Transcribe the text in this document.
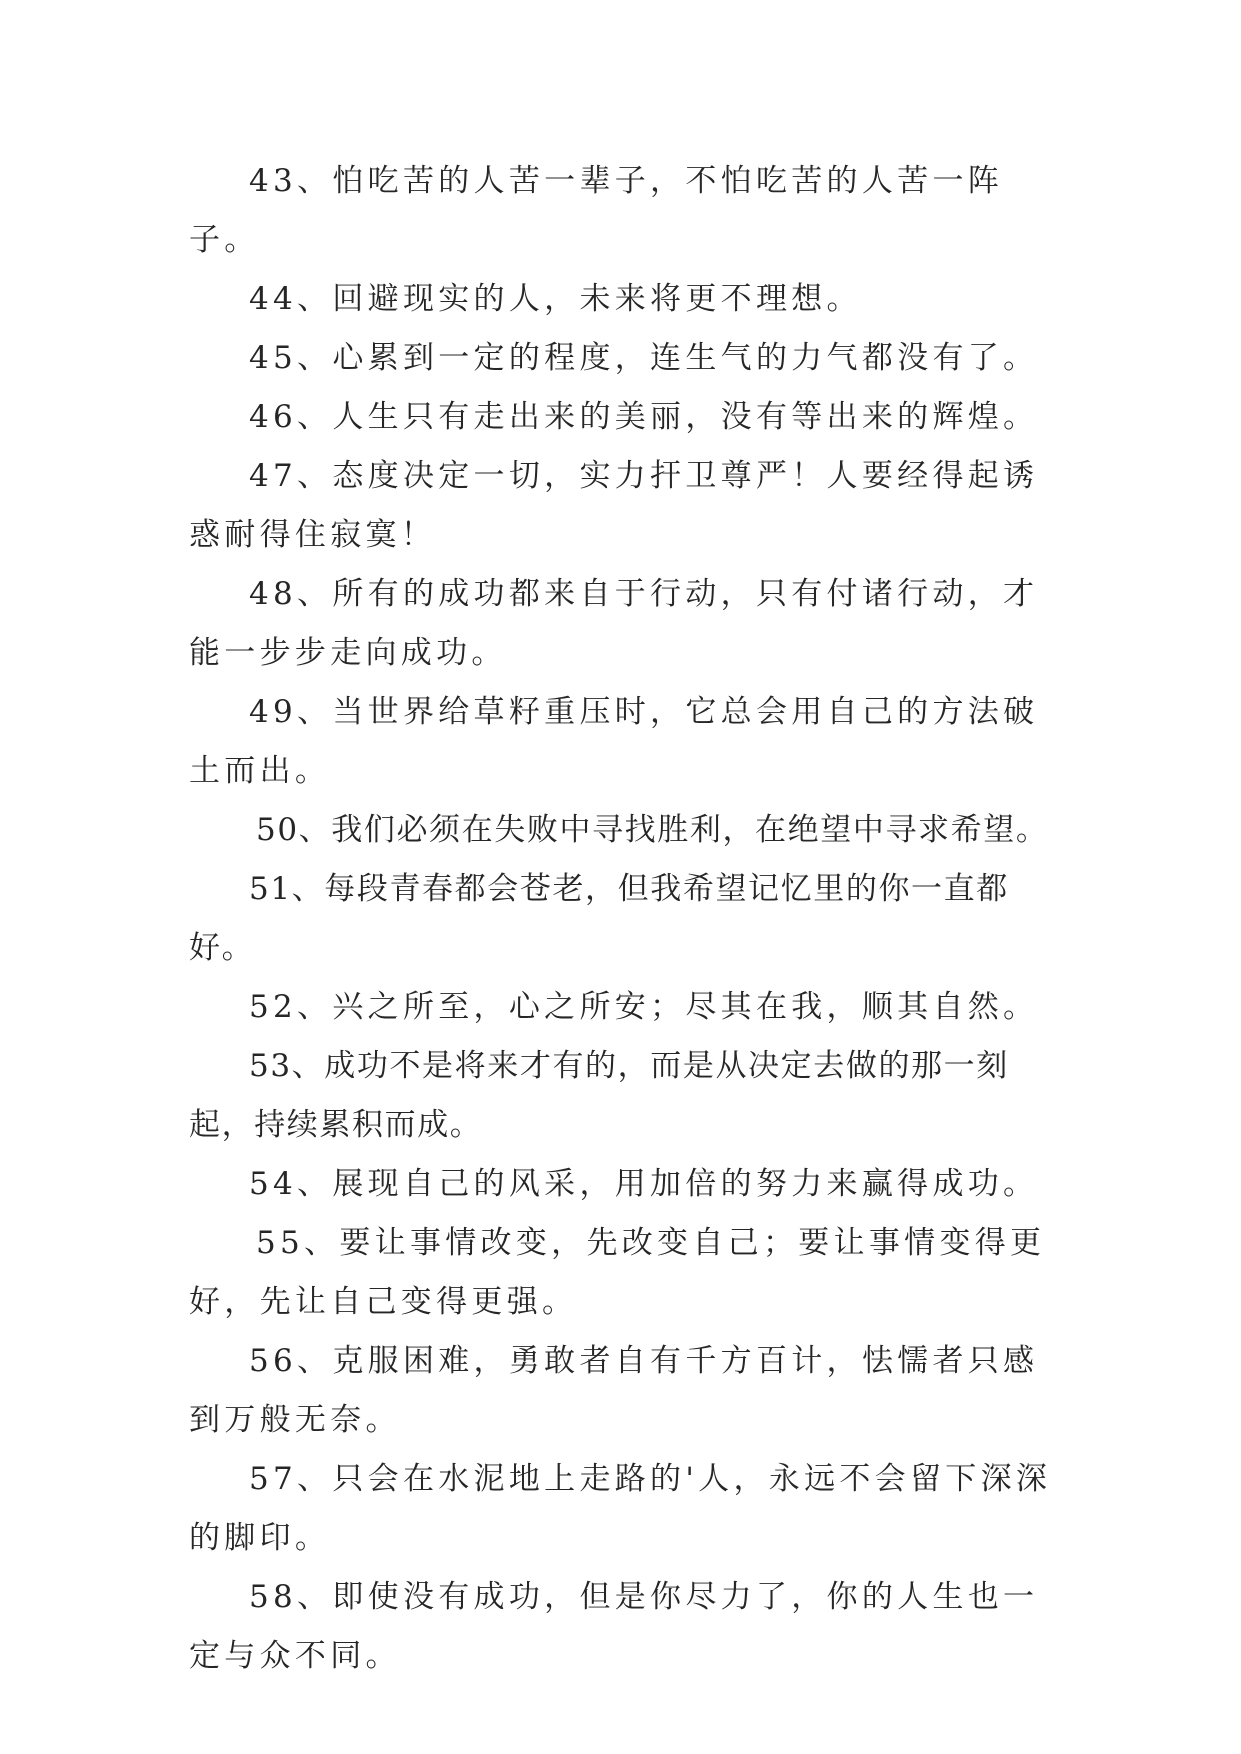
43、怕吃苦的人苦一辈子，不怕吃苦的人苦一阵子。
44、回避现实的人，未来将更不理想。
45、心累到一定的程度，连生气的力气都没有了。
46、人生只有走出来的美丽，没有等出来的辉煌。
47、态度决定一切，实力扞卫尊严！人要经得起诱惑耐得住寂寞！
48、所有的成功都来自于行动，只有付诸行动，才能一步步走向成功。
49、当世界给草籽重压时，它总会用自己的方法破土而出。
50、我们必须在失败中寻找胜利，在绝望中寻求希望。
51、每段青春都会苍老，但我希望记忆里的你一直都好。
52、兴之所至，心之所安；尽其在我，顺其自然。
53、成功不是将来才有的，而是从决定去做的那一刻起，持续累积而成。
54、展现自己的风采，用加倍的努力来赢得成功。
55、要让事情改变，先改变自己；要让事情变得更好，先让自己变得更强。
56、克服困难，勇敢者自有千方百计，怯懦者只感到万般无奈。
57、只会在水泥地上走路的'人，永远不会留下深深的脚印。
58、即使没有成功，但是你尽力了，你的人生也一定与众不同。
